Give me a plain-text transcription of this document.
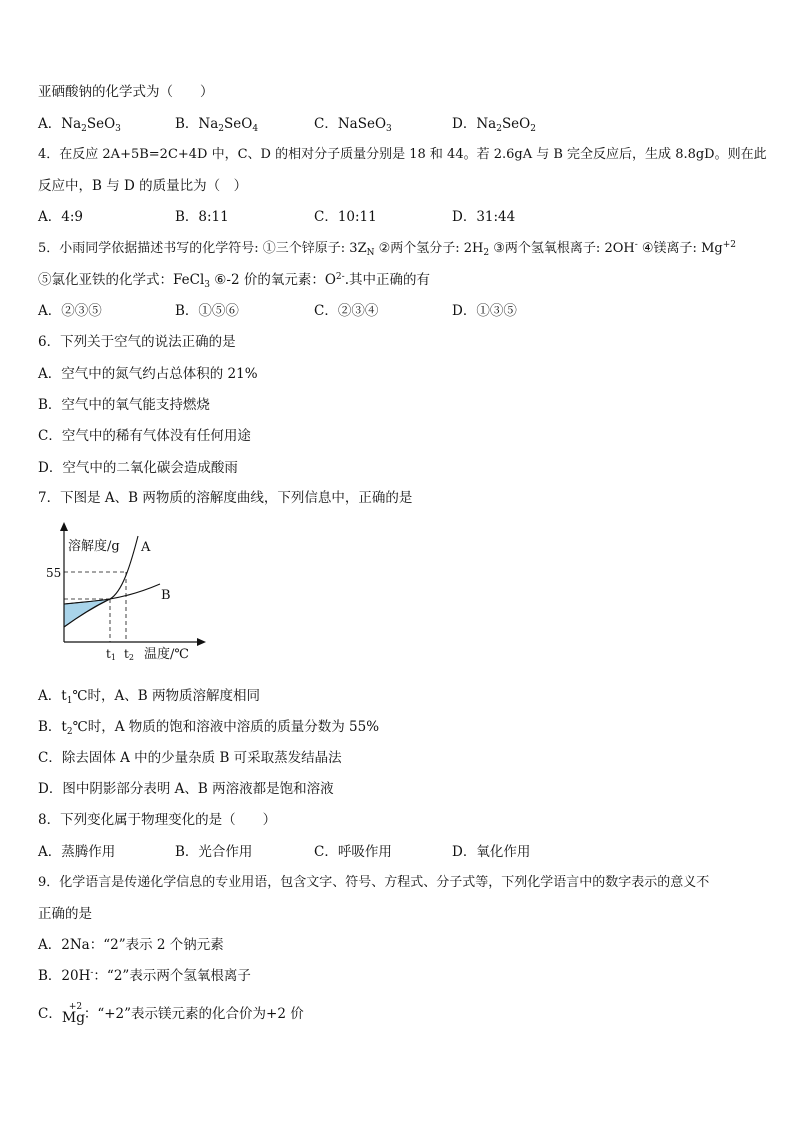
亚硒酸钠的化学式为（　　）
A．$Na_2SeO_3$	B．$Na_2SeO_4$	C．NaSeO$_3$	D．$Na_2SeO_2$
4．在反应 2A+5B=2C+4D 中，C、D 的相对分子质量分别是 18 和 44。若 2.6gA 与 B 完全反应后，生成 8.8gD。则在此
反应中，B 与 D 的质量比为（　）
A．4:9	B．8:11	C．10:11	D．31:44
5．小雨同学依据描述书写的化学符号: ①三个锌原子: $3Z_N$ ②两个氢分子: $2H_2$ ③两个氢氧根离子: 2OH- ④镁离子: $Mg^{+2}$
⑤氯化亚铁的化学式：FeCl$_3$ ⑥-2 价的氧元素：$O^{2-}$.其中正确的有
A．②③⑤	B．①⑤⑥	C．②③④	D．①③⑤
6．下列关于空气的说法正确的是
A．空气中的氮气约占总体积的 21%
B．空气中的氧气能支持燃烧
C．空气中的稀有气体没有任何用途
D．空气中的二氧化碳会造成酸雨
7．下图是 A、B 两物质的溶解度曲线，下列信息中，正确的是
溶解度/g A
B
55
t1 t2 温度/℃
A．$t_1℃$时，A、B 两物质溶解度相同
B．$t_2℃$时，A 物质的饱和溶液中溶质的质量分数为 55%
C．除去固体 A 中的少量杂质 B 可采取蒸发结晶法
D．图中阴影部分表明 A、B 两溶液都是饱和溶液
8．下列变化属于物理变化的是（　　）
A．蒸腾作用	B．光合作用	C．呼吸作用	D．氧化作用
9．化学语言是传递化学信息的专业用语，包含文字、符号、方程式、分子式等，下列化学语言中的数字表示的意义不
正确的是
A．2Na：“2”表示 2 个钠元素
B．20H-：“2”表示两个氢氧根离子
C． +2
Mg
：“+2”表示镁元素的化合价为+2 价
